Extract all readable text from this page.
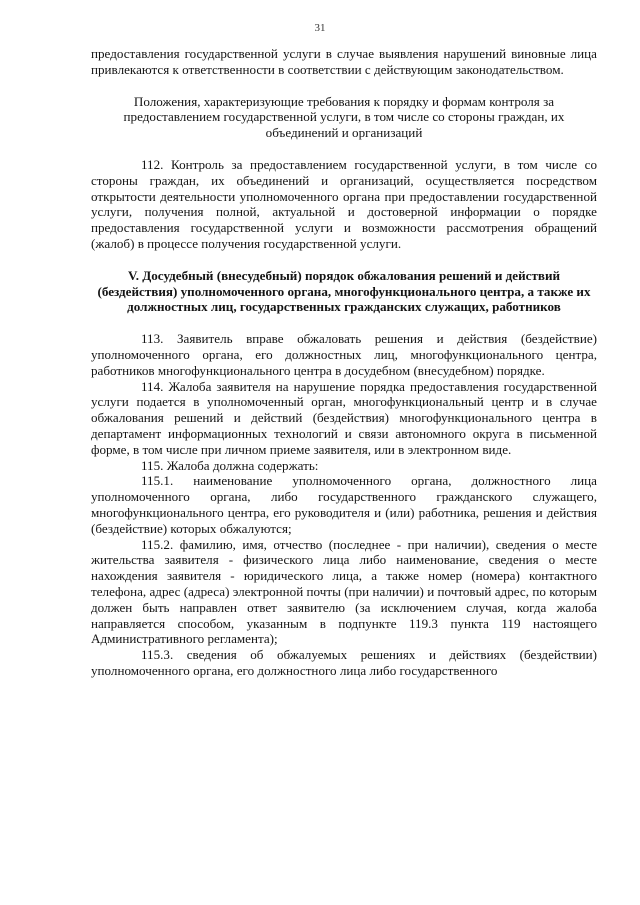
31

предоставления государственной услуги в случае выявления нарушений виновные лица привлекаются к ответственности в соответствии с действующим законодательством.

Положения, характеризующие требования к порядку и формам контроля за предоставлением государственной услуги, в том числе со стороны граждан, их объединений и организаций

112. Контроль за предоставлением государственной услуги, в том числе со стороны граждан, их объединений и организаций, осуществляется посредством открытости деятельности уполномоченного органа при предоставлении государственной услуги, получения полной, актуальной и достоверной информации о порядке предоставления государственной услуги и возможности рассмотрения обращений (жалоб) в процессе получения государственной услуги.

V. Досудебный (внесудебный) порядок обжалования решений и действий (бездействия) уполномоченного органа, многофункционального центра, а также их должностных лиц, государственных гражданских служащих, работников

113. Заявитель вправе обжаловать решения и действия (бездействие) уполномоченного органа, его должностных лиц, многофункционального центра, работников многофункционального центра в досудебном (внесудебном) порядке.

114. Жалоба заявителя на нарушение порядка предоставления государственной услуги подается в уполномоченный орган, многофункциональный центр и в случае обжалования решений и действий (бездействия) многофункционального центра в департамент информационных технологий и связи автономного округа в письменной форме, в том числе при личном приеме заявителя, или в электронном виде.

115. Жалоба должна содержать:

115.1. наименование уполномоченного органа, должностного лица уполномоченного органа, либо государственного гражданского служащего, многофункционального центра, его руководителя и (или) работника, решения и действия (бездействие) которых обжалуются;

115.2. фамилию, имя, отчество (последнее - при наличии), сведения о месте жительства заявителя - физического лица либо наименование, сведения о месте нахождения заявителя - юридического лица, а также номер (номера) контактного телефона, адрес (адреса) электронной почты (при наличии) и почтовый адрес, по которым должен быть направлен ответ заявителю (за исключением случая, когда жалоба направляется способом, указанным в подпункте 119.3 пункта 119 настоящего Административного регламента);

115.3. сведения об обжалуемых решениях и действиях (бездействии) уполномоченного органа, его должностного лица либо государственного
